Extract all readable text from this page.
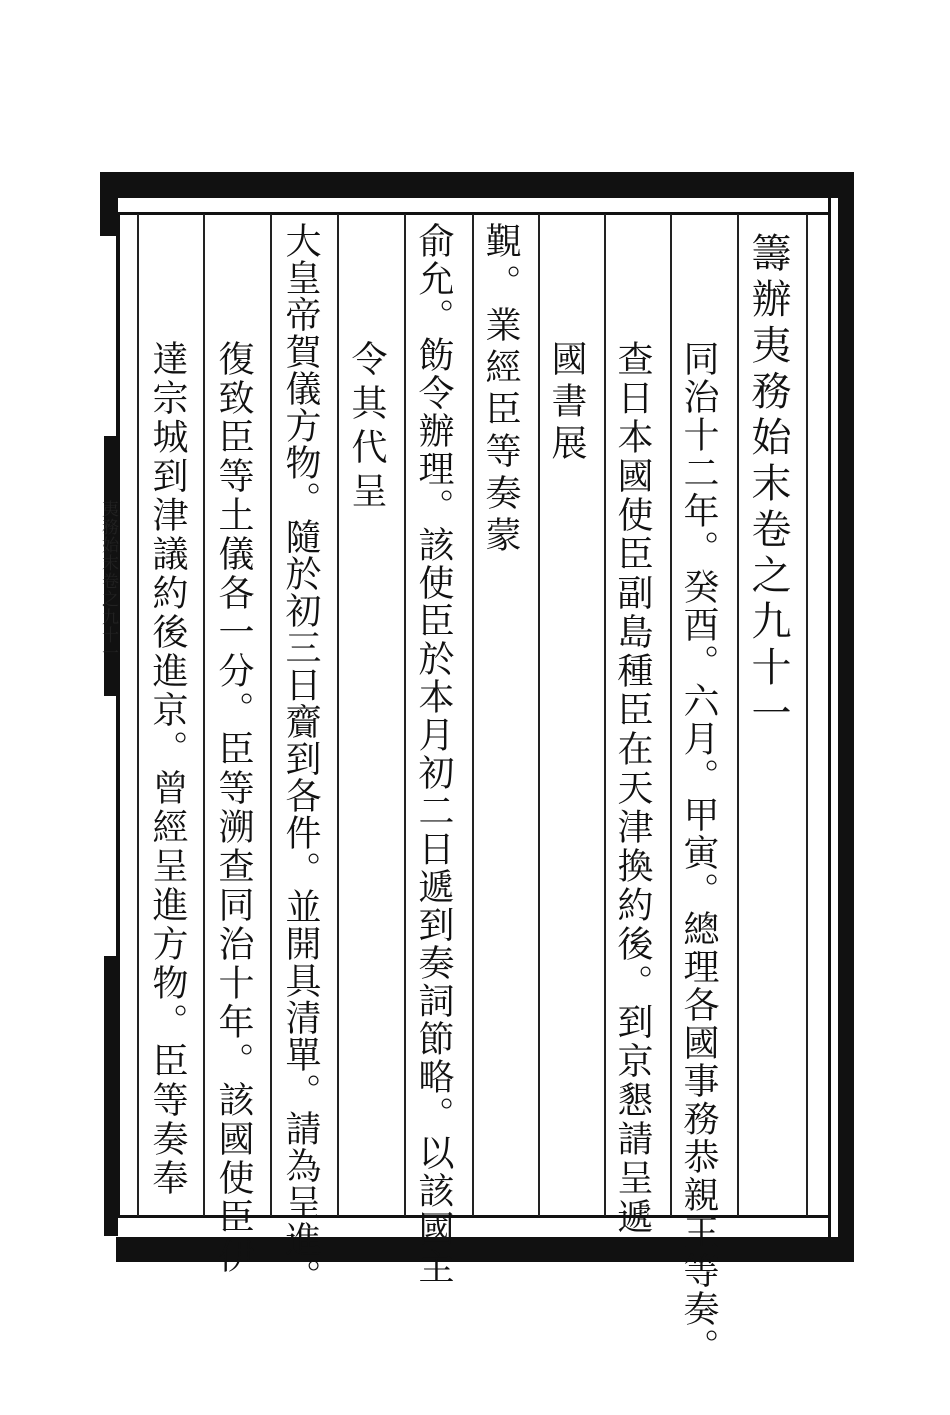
夷務始末卷之九十一	籌辦夷務始末卷之九十一
同治十二年。癸酉。六月。甲寅。總理各國事務恭親王等奏。
查日本國使臣副島種臣在天津換約後。到京懇請呈遞
國書展
覲。業經臣等奏蒙
俞允。飭令辦理。該使臣於本月初二日遞到奏詞節略。以該國主
令其代呈
大皇帝賀儀方物。隨於初三日齎到各件。並開具清單。請為呈進。
復致臣等土儀各一分。臣等溯查同治十年。該國使臣伊
達宗城到津議約後進京。曾經呈進方物。臣等奏奉
